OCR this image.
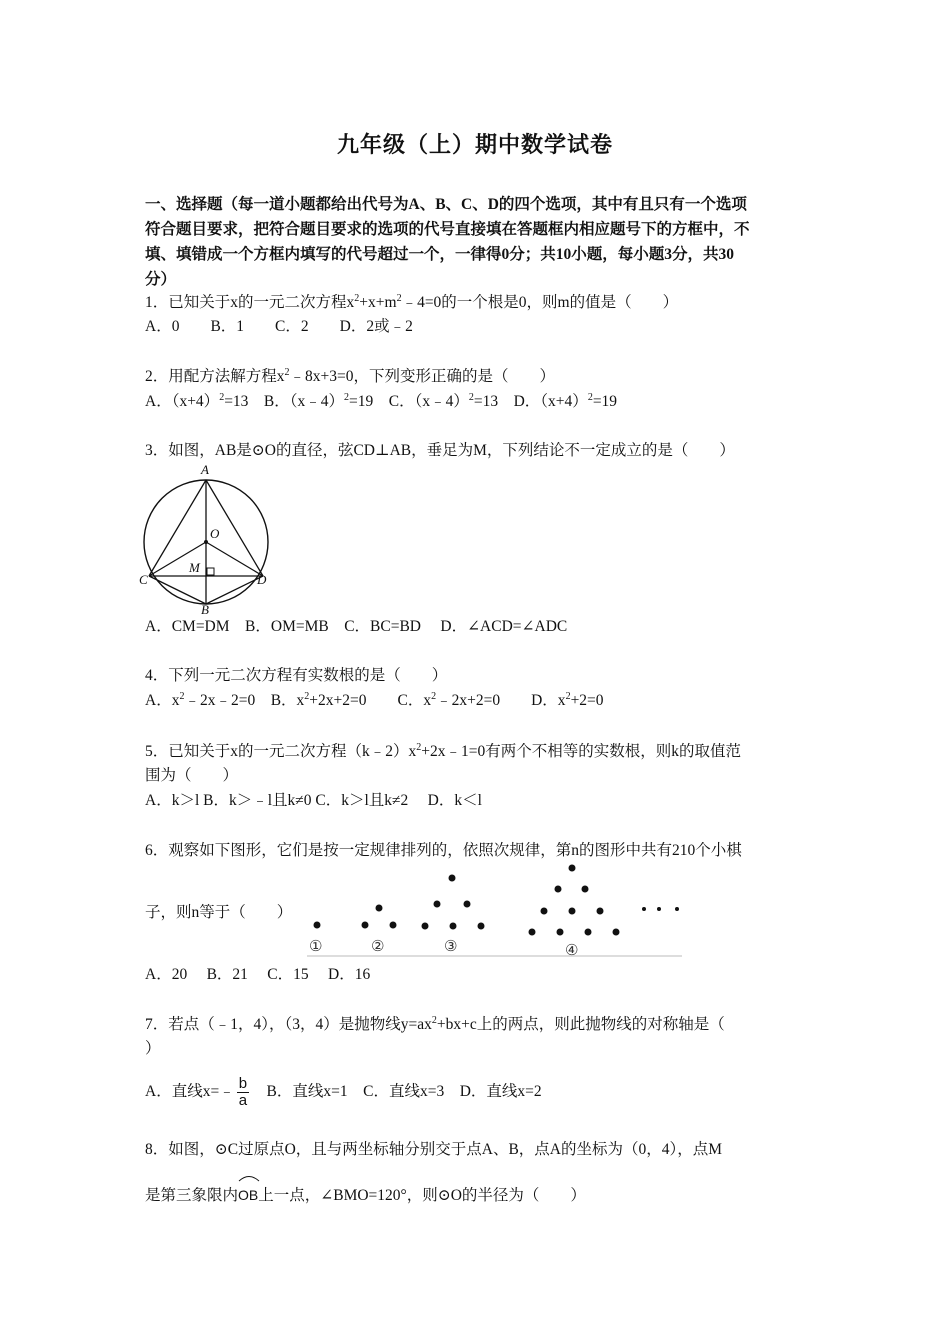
九年级（上）期中数学试卷
一、选择题（每一道小题都给出代号为A、B、C、D的四个选项，其中有且只有一个选项
符合题目要求，把符合题目要求的选项的代号直接填在答题框内相应题号下的方框中，不
填、填错成一个方框内填写的代号超过一个，一律得0分；共10小题，每小题3分，共30
分）
1．已知关于x的一元二次方程$x^2+x+m^2﹣4=0$的一个根是0，则m的值是（　　）
A．0　　B．1　　C．2　　D．2或﹣2
2．用配方法解方程$x^2﹣8x+3=0$，下列变形正确的是（　　）
A．$(x+4)^2=13$　B．（x﹣4）$^2$=19　C．（x﹣4）$^2$=13　D．$(x+4)^2=19$
3．如图，AB是⊙O的直径，弦CD⊥AB，垂足为M，下列结论不一定成立的是（　　）
A
O
M
C	D
B
A．CM=DM　B．OM=MB　C．BC=BD　 D．∠ACD=∠ADC
4．下列一元二次方程有实数根的是（　　）
A．$x^2﹣2x﹣2=0$　B．$x^2+2x+2=0$　　C．$x^2﹣2x+2=0$　　D．$x^2+2=0$
5．已知关于x的一元二次方程$(k﹣2)x^2+2x﹣1=0$有两个不相等的实数根，则k的取值范
围为（　　）
A．k＞l B．k＞﹣l且k≠0 C．k＞l且k≠2　 D．k＜l
6．观察如下图形，它们是按一定规律排列的，依照次规律，第n的图形中共有210个小棋
子，则n等于（　　）
①	②	③	④
A．20　 B．21　 C．15　 D．16
7．若点（﹣1，4），（3，4）是抛物线$y=ax^2+bx+c$上的两点，则此抛物线的对称轴是（
）
A．直线x=﹣ $\frac{b}{a}$ 　B．直线x=1　C．直线x=3　D．直线x=2
8．如图，⊙C过原点O，且与两坐标轴分别交于点A、B，点A的坐标为（0，4），点M
是第三象限内
OB上一点，∠BMO=120°，则⊙O的半径为（　　）
